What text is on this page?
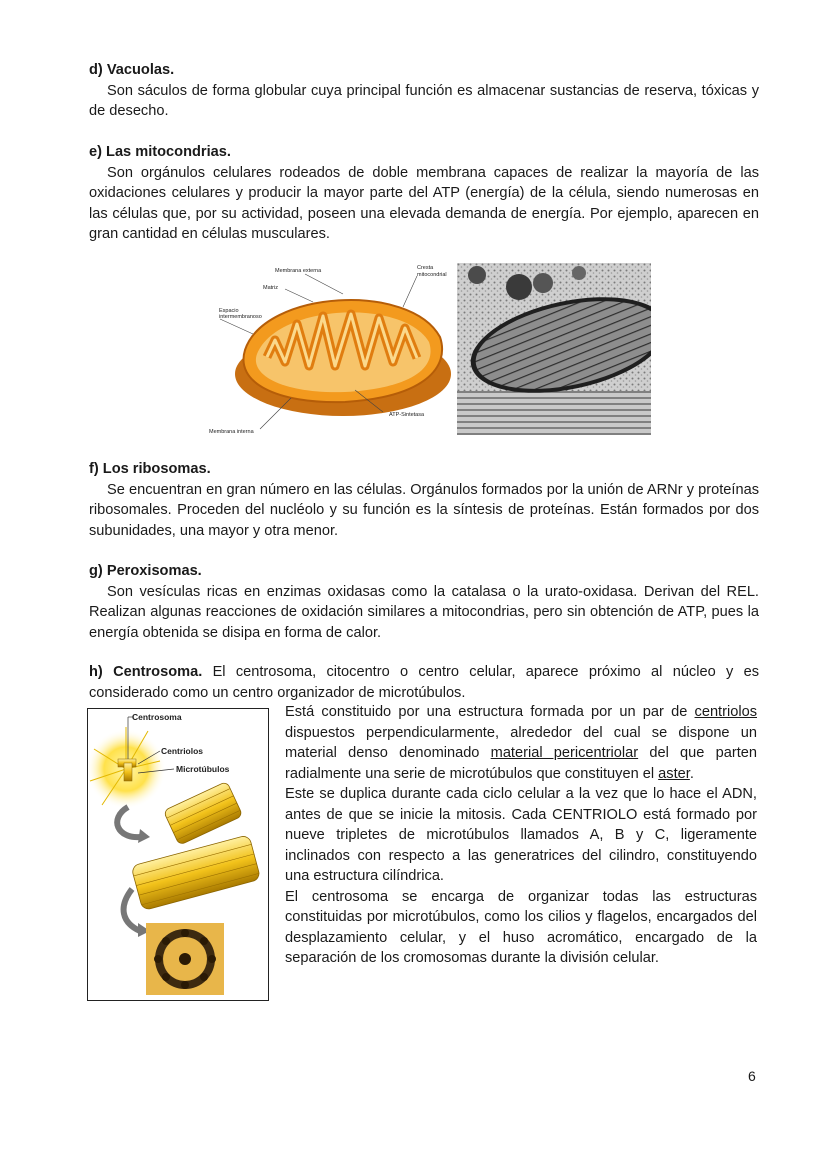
d) Vacuolas.

Son sáculos de forma globular cuya principal función es almacenar sustancias de reserva, tóxicas y de desecho.

e) Las mitocondrias.

Son orgánulos celulares rodeados de doble membrana capaces de realizar la mayoría de las oxidaciones celulares y producir la mayor parte del ATP (energía) de la célula, siendo numerosas en las células que, por su actividad, poseen una elevada demanda de energía. Por ejemplo, aparecen en gran cantidad en células musculares.

Membrana externa	Cresta
mitocondrial
Matriz
Espacio
intermembranoso
ATP-Sintetasa
Membrana interna

f) Los ribosomas.

Se encuentran en gran número en las células. Orgánulos formados por la unión de ARNr y proteínas ribosomales. Proceden del nucléolo y su función es la síntesis de proteínas. Están formados por dos subunidades, una mayor y otra menor.

g) Peroxisomas.

Son vesículas ricas en enzimas oxidasas como la catalasa o la urato-oxidasa. Derivan del REL. Realizan algunas reacciones de oxidación similares a mitocondrias, pero sin obtención de ATP, pues la energía obtenida se disipa en forma de calor.

h) Centrosoma. El centrosoma, citocentro o centro celular, aparece próximo al núcleo y es considerado como un centro organizador de microtúbulos.

Centrosoma
Centriolos
Microtúbulos

Está constituido por una estructura formada por un par de centriolos dispuestos perpendicularmente, alrededor del cual se dispone un material denso denominado material pericentriolar del que parten radialmente una serie de microtúbulos que constituyen el aster.

Este se duplica durante cada ciclo celular a la vez que lo hace el ADN, antes de que se inicie la mitosis. Cada CENTRIOLO está formado por nueve tripletes de microtúbulos llamados A, B y C, ligeramente inclinados con respecto a las generatrices del cilindro, constituyendo una estructura cilíndrica.

El centrosoma se encarga de organizar todas las estructuras constituidas por microtúbulos, como los cilios y flagelos, encargados del desplazamiento celular, y el huso acromático, encargado de la separación de los cromosomas durante la división celular.

6
